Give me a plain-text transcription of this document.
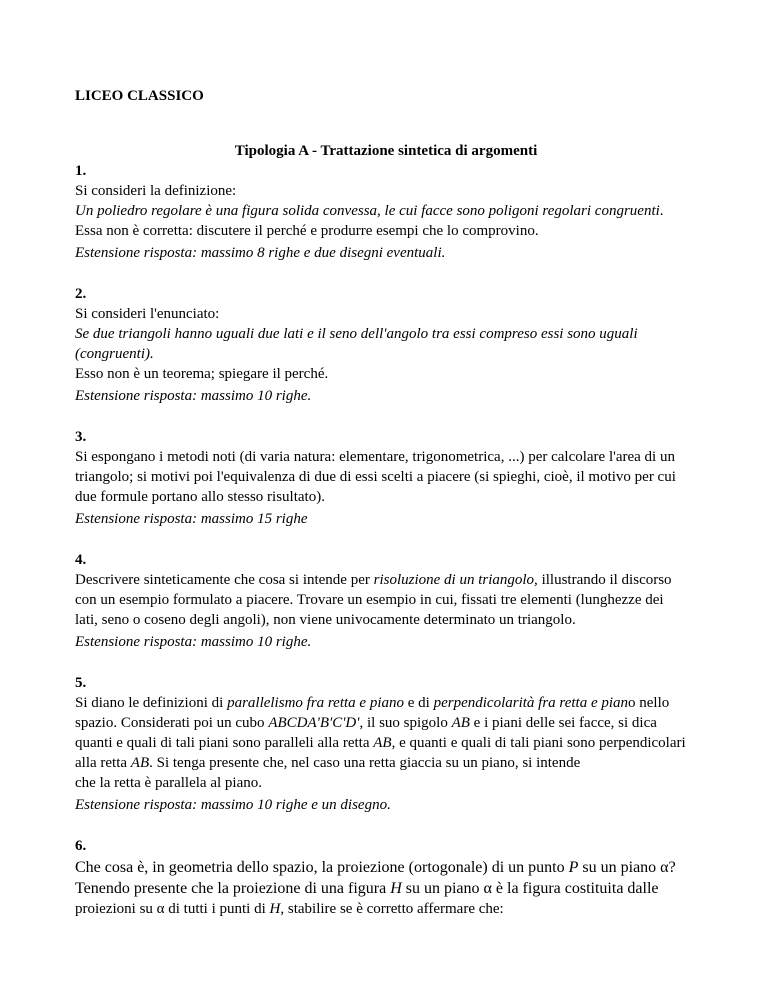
LICEO CLASSICO
Tipologia A - Trattazione sintetica di argomenti
1.
Si consideri la definizione:
Un poliedro regolare è una figura solida convessa, le cui facce sono poligoni regolari congruenti.
Essa non è corretta: discutere il perché e produrre esempi che lo comprovino.
Estensione risposta: massimo 8 righe e due disegni eventuali.
2.
Si consideri l'enunciato:
Se due triangoli hanno uguali due lati e il seno dell'angolo tra essi compreso essi sono uguali
(congruenti).
Esso non è un teorema; spiegare il perché.
Estensione risposta: massimo 10 righe.
3.
Si espongano i metodi noti (di varia natura: elementare, trigonometrica, ...) per calcolare l'area di un
triangolo; si motivi poi l'equivalenza di due di essi scelti a piacere (si spieghi, cioè, il motivo per cui
due formule portano allo stesso risultato).
Estensione risposta: massimo 15 righe
4.
Descrivere sinteticamente che cosa si intende per risoluzione di un triangolo, illustrando il discorso
con un esempio formulato a piacere. Trovare un esempio in cui, fissati tre elementi (lunghezze dei
lati, seno o coseno degli angoli), non viene univocamente determinato un triangolo.
Estensione risposta: massimo 10 righe.
5.
Si diano le definizioni di parallelismo fra retta e piano e di perpendicolarità fra retta e piano nello
spazio. Considerati poi un cubo ABCDA'B'C'D', il suo spigolo AB e i piani delle sei facce, si dica
quanti e quali di tali piani sono paralleli alla retta AB, e quanti e quali di tali piani sono perpendicolari
alla retta AB. Si tenga presente che, nel caso una retta giaccia su un piano, si intende
che la retta è parallela al piano.
Estensione risposta: massimo 10 righe e un disegno.
6.
Che cosa è, in geometria dello spazio, la proiezione (ortogonale) di un punto P su un piano α?
Tenendo presente che la proiezione di una figura H su un piano α è la figura costituita dalle
proiezioni su α di tutti i punti di H, stabilire se è corretto affermare che:
